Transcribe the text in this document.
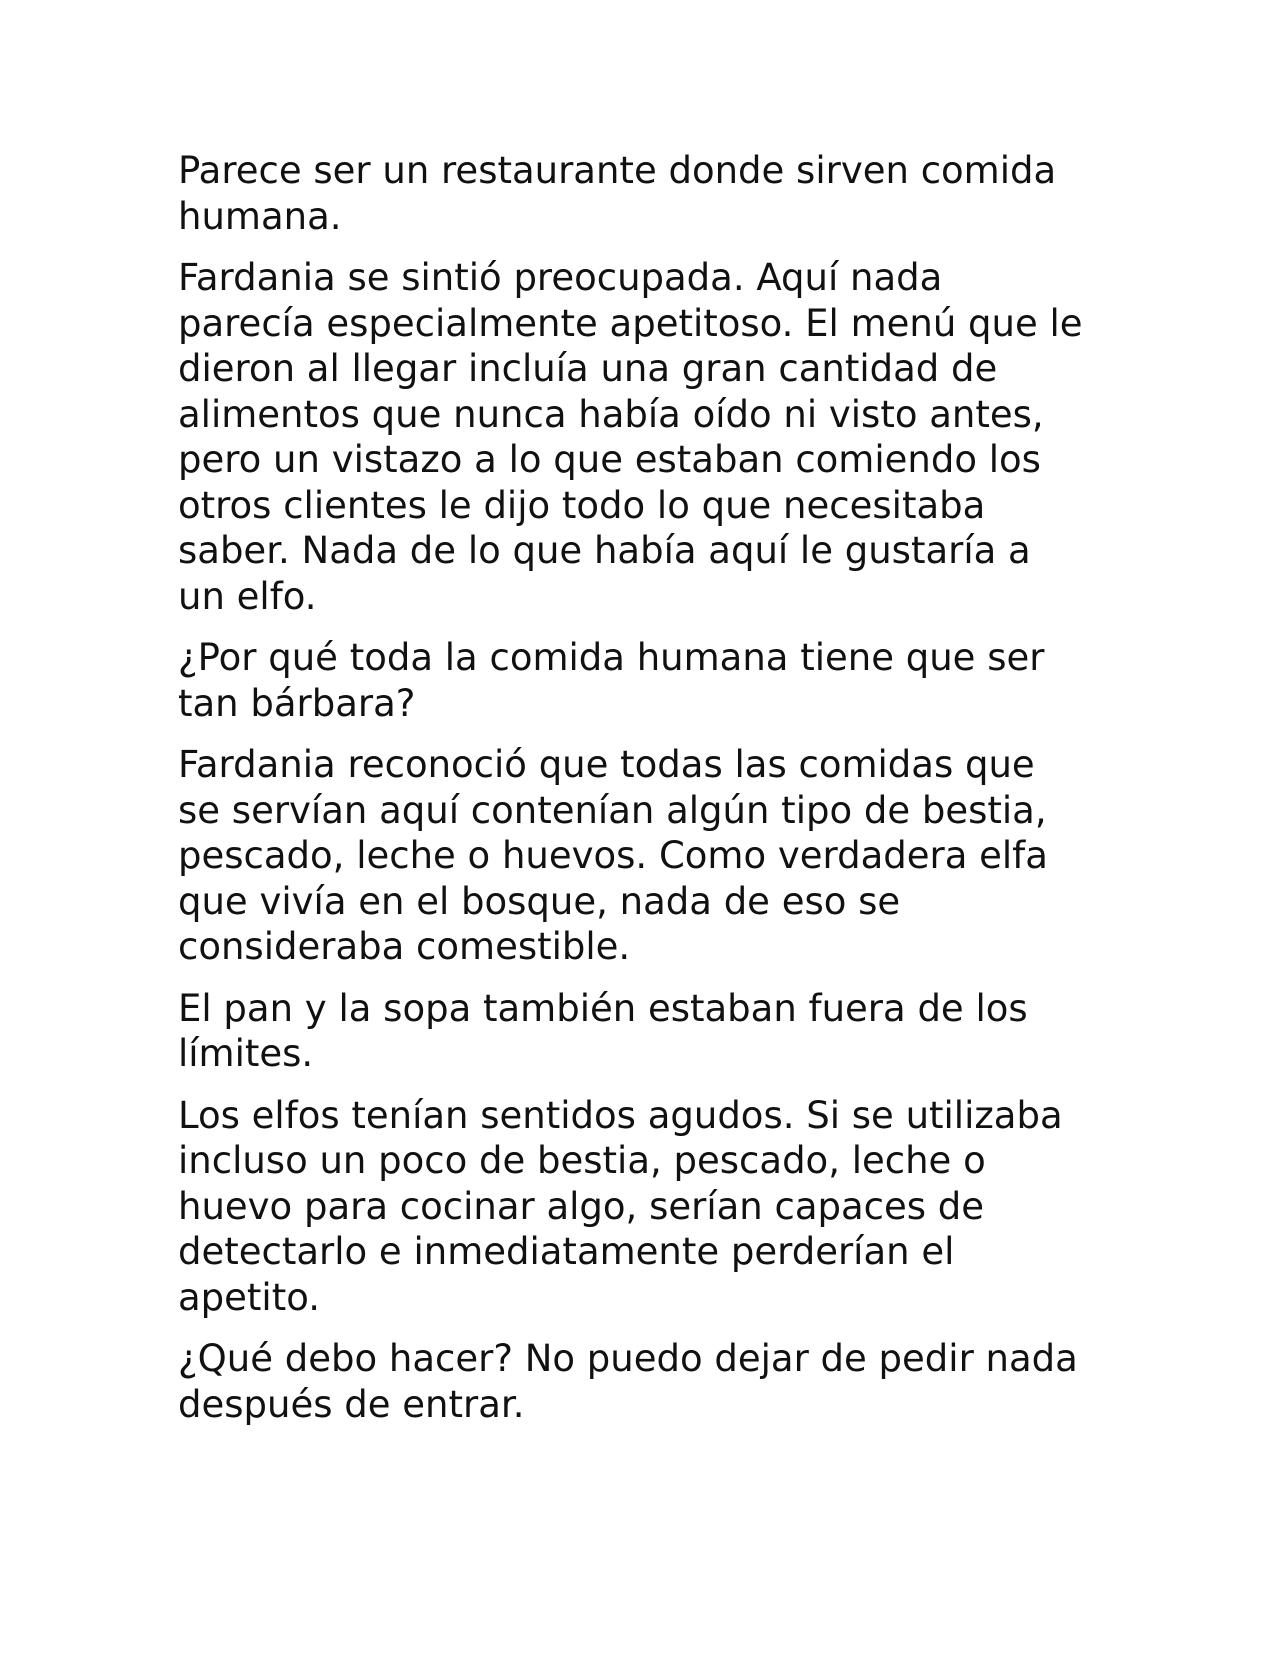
Parece ser un restaurante donde sirven comida
humana.

Fardania se sintió preocupada. Aquí nada
parecía especialmente apetitoso. El menú que le
dieron al llegar incluía una gran cantidad de
alimentos que nunca había oído ni visto antes,
pero un vistazo a lo que estaban comiendo los
otros clientes le dijo todo lo que necesitaba
saber. Nada de lo que había aquí le gustaría a
un elfo.

¿Por qué toda la comida humana tiene que ser
tan bárbara?

Fardania reconoció que todas las comidas que
se servían aquí contenían algún tipo de bestia,
pescado, leche o huevos. Como verdadera elfa
que vivía en el bosque, nada de eso se
consideraba comestible.

El pan y la sopa también estaban fuera de los
límites.

Los elfos tenían sentidos agudos. Si se utilizaba
incluso un poco de bestia, pescado, leche o
huevo para cocinar algo, serían capaces de
detectarlo e inmediatamente perderían el
apetito.

¿Qué debo hacer? No puedo dejar de pedir nada
después de entrar.
